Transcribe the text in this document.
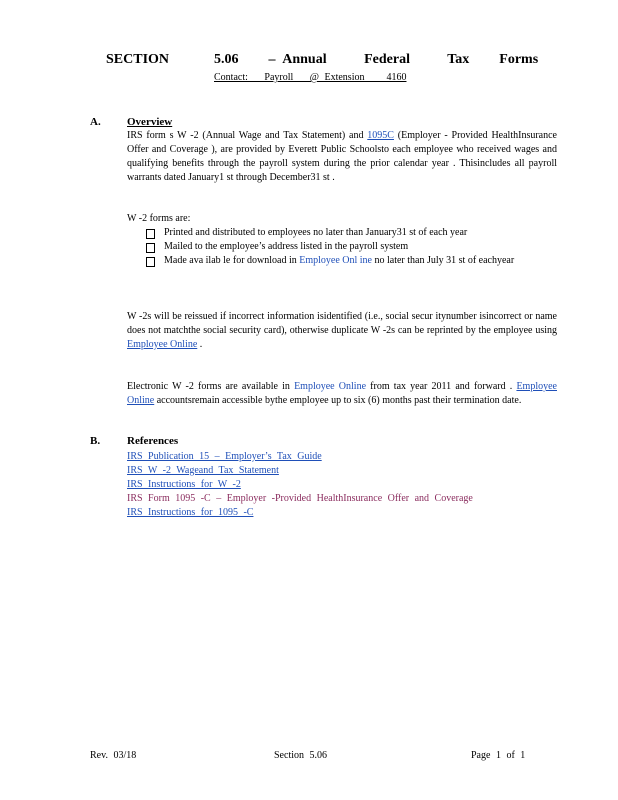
SECTION      5.06    – Annual     Federal     Tax    Forms
Contact:   Payroll   @ Extension    4160
A. Overview
IRS form s W -2 (Annual Wage and Tax Statement) and 1095C (Employer - Provided HealthInsurance Offer and Coverage ), are provided by Everett Public Schoolsto each employee who received wages and qualifying benefits through the payroll system during the prior calendar year . Thisincludes all payroll warrants dated January1 st through December31 st .
W -2 forms are:
Printed and distributed to employees no later than January31 st of each year
Mailed to the employee’s address listed in the payroll system
Made ava ilab le for download in Employee Onl ine no later than July 31 st of eachyear
W -2s will be reissued if incorrect information isidentified (i.e., social secur itynumber isincorrect or name does not matchthe social security card), otherwise duplicate W -2s can be reprinted by the employee using Employee Online .
Electronic W -2 forms are available in Employee Online from tax year 2011 and forward . Employee Online accountsremain accessible bythe employee up to six (6) months past their termination date.
B. References
IRS Publication 15 – Employer’s Tax Guide
IRS W -2 Wageand Tax Statement
IRS Instructions for W -2
IRS Form 1095 -C – Employer -Provided HealthInsurance Offer and Coverage
IRS Instructions for 1095 -C
Rev. 03/18	Section 5.06	Page 1 of 1
